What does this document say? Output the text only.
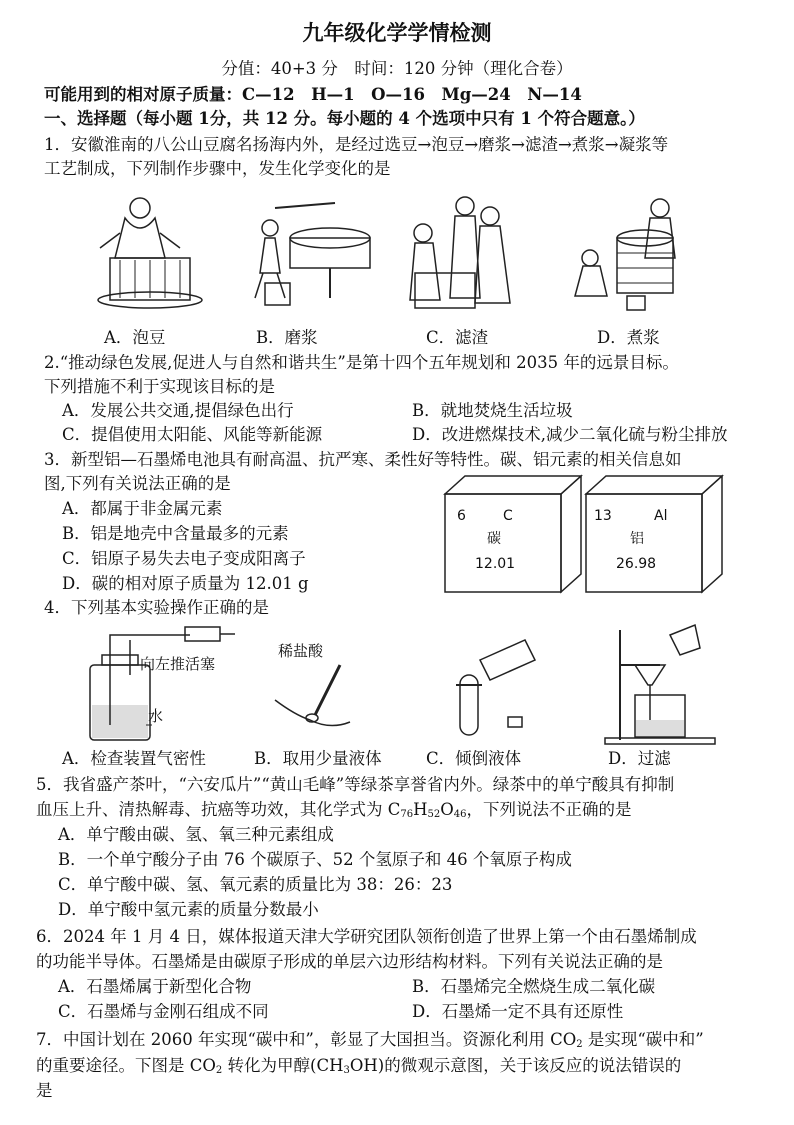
九年级化学学情检测
分值：40+3 分　时间：120 分钟（理化合卷）
可能用到的相对原子质量：C—12　H—1　O—16　Mg—24　N—14
一、选择题（每小题 1分，共 12 分。每小题的 4 个选项中只有 1 个符合题意。）
1．安徽淮南的八公山豆腐名扬海内外，是经过选豆→泡豆→磨浆→滤渣→煮浆→凝浆等
工艺制成，下列制作步骤中，发生化学变化的是
A．泡豆	B．磨浆	C．滤渣	D．煮浆
2.“推动绿色发展,促进人与自然和谐共生”是第十四个五年规划和 2035 年的远景目标。
下列措施不利于实现该目标的是
A．发展公共交通,提倡绿色出行	B．就地焚烧生活垃圾
C．提倡使用太阳能、风能等新能源	D．改进燃煤技术,减少二氧化硫与粉尘排放
3．新型铝—石墨烯电池具有耐高温、抗严寒、柔性好等特性。碳、铝元素的相关信息如
图,下列有关说法正确的是
A．都属于非金属元素
B．铝是地壳中含量最多的元素
C．铝原子易失去电子变成阳离子
D．碳的相对原子质量为 12.01 g
6	C
碳
12.01
13	Al
铝
26.98
4．下列基本实验操作正确的是
向左推活塞
水
稀盐酸
A．检查装置气密性	B．取用少量液体	C．倾倒液体	D．过滤
5．我省盛产茶叶，“六安瓜片”“黄山毛峰”等绿茶享誉省内外。绿茶中的单宁酸具有抑制
血压上升、清热解毒、抗癌等功效，其化学式为 $C_{76}H_{52}O_{46}$，下列说法不正确的是
A．单宁酸由碳、氢、氧三种元素组成
B．一个单宁酸分子由 76 个碳原子、52 个氢原子和 46 个氧原子构成
C．单宁酸中碳、氢、氧元素的质量比为 38：26：23
D．单宁酸中氢元素的质量分数最小
6．2024 年 1 月 4 日，媒体报道天津大学研究团队领衔创造了世界上第一个由石墨烯制成
的功能半导体。石墨烯是由碳原子形成的单层六边形结构材料。下列有关说法正确的是
A．石墨烯属于新型化合物	B．石墨烯完全燃烧生成二氧化碳
C．石墨烯与金刚石组成不同	D．石墨烯一定不具有还原性
7．中国计划在 2060 年实现“碳中和”，彰显了大国担当。资源化利用 $CO_2$ 是实现“碳中和”
的重要途径。下图是 $CO_2$ 转化为甲醇$(CH_3OH)$的微观示意图，关于该反应的说法错误的
是
